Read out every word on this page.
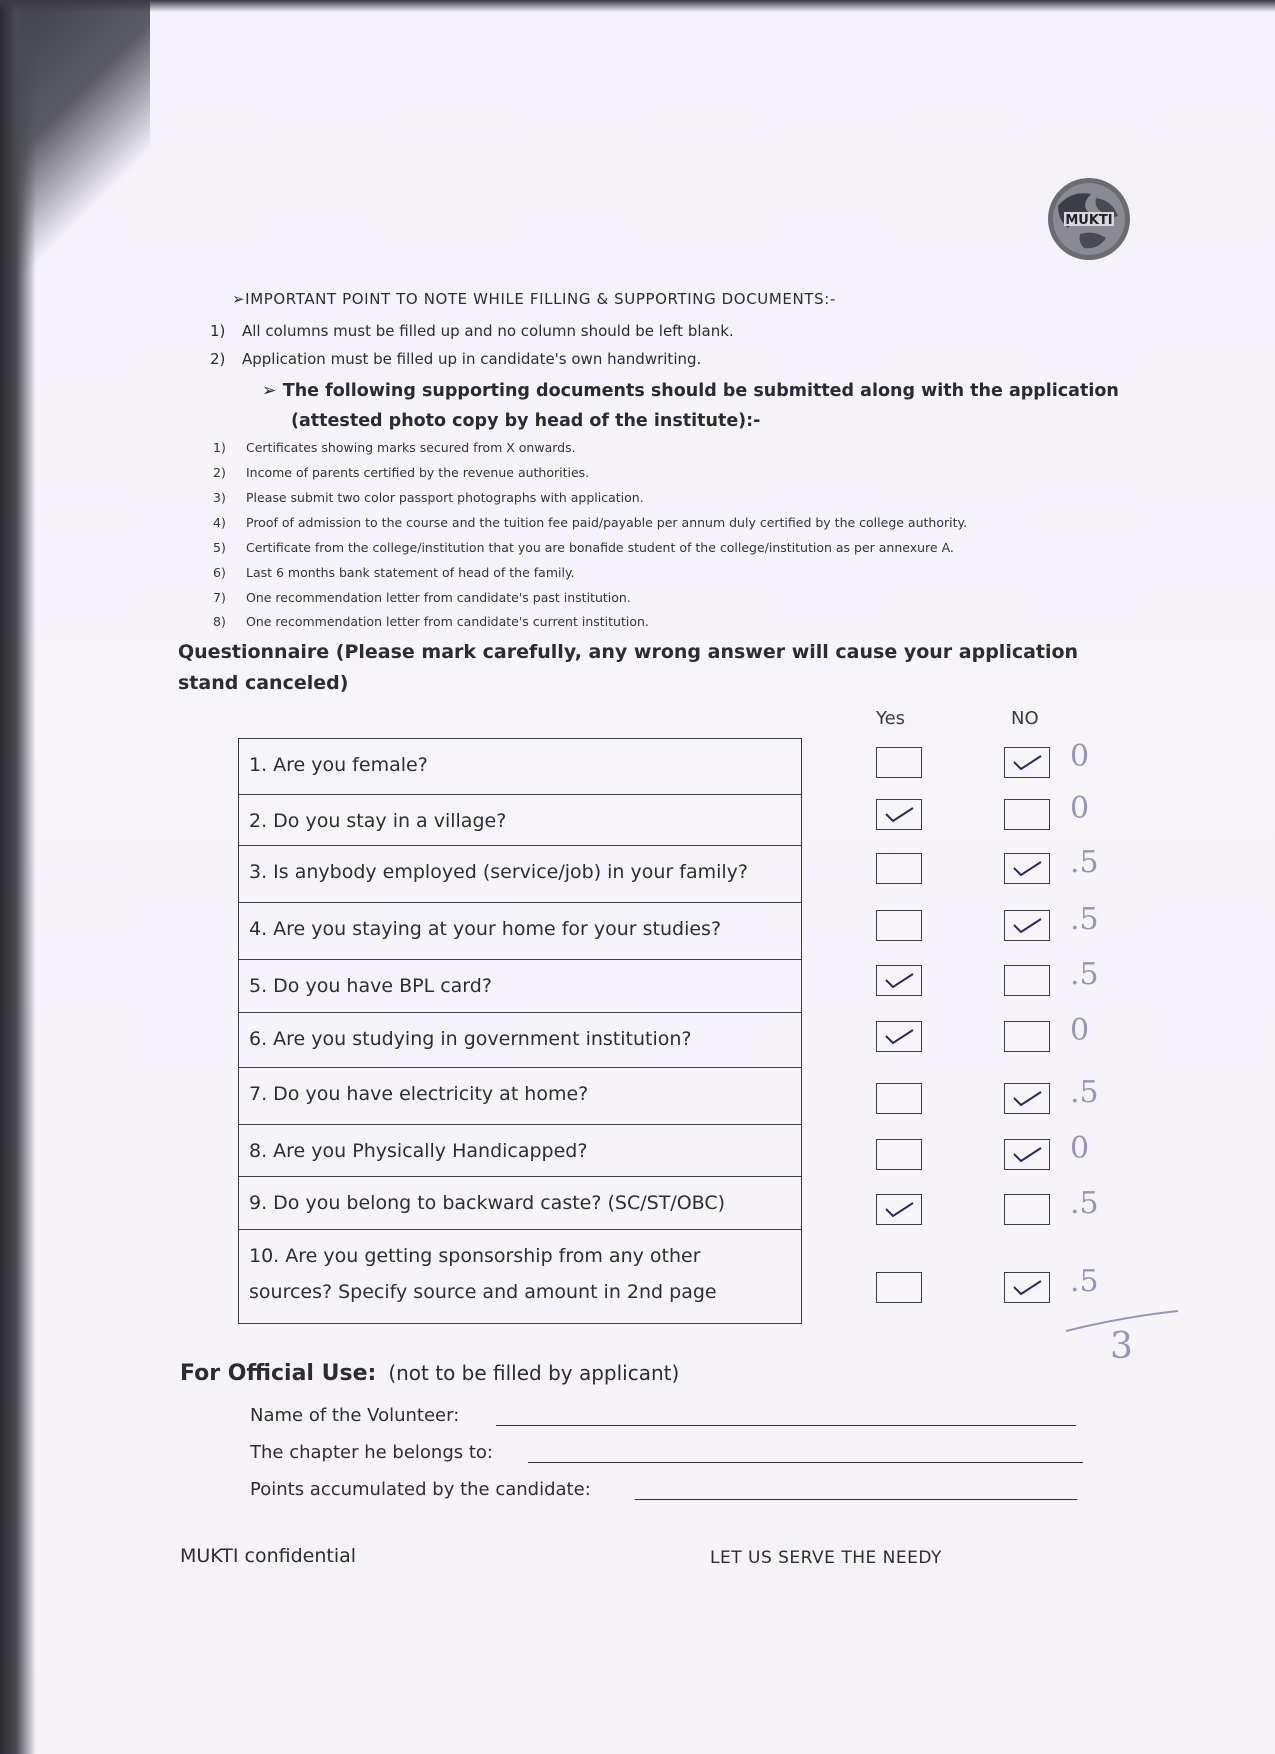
MUKTI
➢IMPORTANT POINT TO NOTE WHILE FILLING & SUPPORTING DOCUMENTS:-
1) All columns must be filled up and no column should be left blank.
2) Application must be filled up in candidate's own handwriting.
➢ The following supporting documents should be submitted along with the application
(attested photo copy by head of the institute):-
1) Certificates showing marks secured from X onwards.
2) Income of parents certified by the revenue authorities.
3) Please submit two color passport photographs with application.
4) Proof of admission to the course and the tuition fee paid/payable per annum duly certified by the college authority.
5) Certificate from the college/institution that you are bonafide student of the college/institution as per annexure A.
6) Last 6 months bank statement of head of the family.
7) One recommendation letter from candidate's past institution.
8) One recommendation letter from candidate's current institution.
Questionnaire (Please mark carefully, any wrong answer will cause your application stand canceled)
Yes	NO
1. Are you female?
2. Do you stay in a village?
3. Is anybody employed (service/job) in your family?
4. Are you staying at your home for your studies?
5. Do you have BPL card?
6. Are you studying in government institution?
7. Do you have electricity at home?
8. Are you Physically Handicapped?
9. Do you belong to backward caste? (SC/ST/OBC)
10. Are you getting sponsorship from any other
sources? Specify source and amount in 2nd page
0
0
.5
.5
.5
0
.5
0
.5
.5
3
For Official Use: (not to be filled by applicant)
Name of the Volunteer:
The chapter he belongs to:
Points accumulated by the candidate:
MUKTI confidential	LET US SERVE THE NEEDY
